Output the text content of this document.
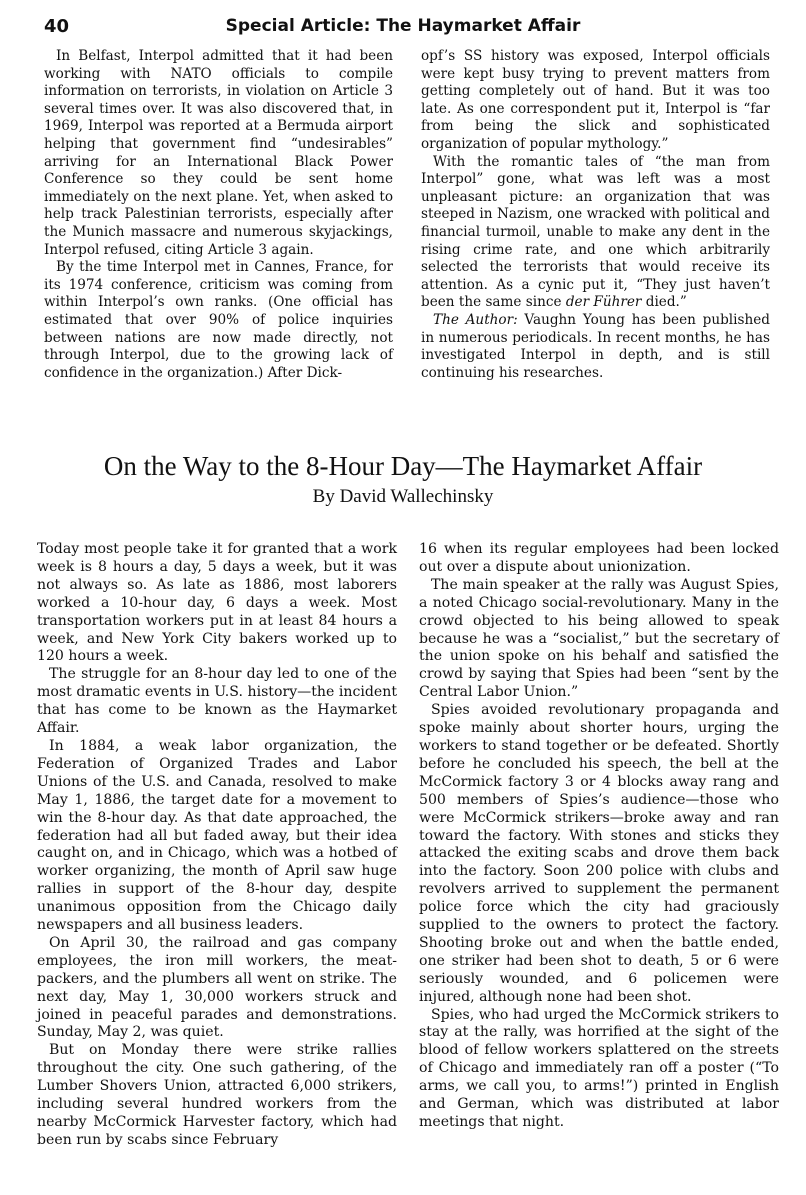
40	Special Article: The Haymarket Affair

In Belfast, Interpol admitted that it had been working with NATO officials to compile information on terrorists, in violation on Article 3 several times over. It was also discovered that, in 1969, Interpol was reported at a Bermuda airport helping that government find “undesirables” arriving for an International Black Power Conference so they could be sent home immediately on the next plane. Yet, when asked to help track Palestinian terrorists, especially after the Munich massacre and numerous skyjackings, Interpol refused, citing Article 3 again.

By the time Interpol met in Cannes, France, for its 1974 conference, criticism was coming from within Interpol’s own ranks. (One official has estimated that over 90% of police inquiries between nations are now made directly, not through Interpol, due to the growing lack of confidence in the organization.) After Dick-

opf’s SS history was exposed, Interpol officials were kept busy trying to prevent matters from getting completely out of hand. But it was too late. As one correspondent put it, Interpol is “far from being the slick and sophisticated organization of popular mythology.”

With the romantic tales of “the man from Interpol” gone, what was left was a most unpleasant picture: an organization that was steeped in Nazism, one wracked with political and financial turmoil, unable to make any dent in the rising crime rate, and one which arbitrarily selected the terrorists that would receive its attention. As a cynic put it, “They just haven’t been the same since der Führer died.”

The Author: Vaughn Young has been published in numerous periodicals. In recent months, he has investigated Interpol in depth, and is still continuing his researches.

On the Way to the 8-Hour Day—The Haymarket Affair
By David Wallechinsky

Today most people take it for granted that a work week is 8 hours a day, 5 days a week, but it was not always so. As late as 1886, most laborers worked a 10-hour day, 6 days a week. Most transportation workers put in at least 84 hours a week, and New York City bakers worked up to 120 hours a week.

The struggle for an 8-hour day led to one of the most dramatic events in U.S. history—the incident that has come to be known as the Haymarket Affair.

In 1884, a weak labor organization, the Federation of Organized Trades and Labor Unions of the U.S. and Canada, resolved to make May 1, 1886, the target date for a movement to win the 8-hour day. As that date approached, the federation had all but faded away, but their idea caught on, and in Chicago, which was a hotbed of worker organizing, the month of April saw huge rallies in support of the 8-hour day, despite unanimous opposition from the Chicago daily newspapers and all business leaders.

On April 30, the railroad and gas company employees, the iron mill workers, the meat-packers, and the plumbers all went on strike. The next day, May 1, 30,000 workers struck and joined in peaceful parades and demonstrations. Sunday, May 2, was quiet.

But on Monday there were strike rallies throughout the city. One such gathering, of the Lumber Shovers Union, attracted 6,000 strikers, including several hundred workers from the nearby McCormick Harvester factory, which had been run by scabs since February

16 when its regular employees had been locked out over a dispute about unionization.

The main speaker at the rally was August Spies, a noted Chicago social-revolutionary. Many in the crowd objected to his being allowed to speak because he was a “socialist,” but the secretary of the union spoke on his behalf and satisfied the crowd by saying that Spies had been “sent by the Central Labor Union.”

Spies avoided revolutionary propaganda and spoke mainly about shorter hours, urging the workers to stand together or be defeated. Shortly before he concluded his speech, the bell at the McCormick factory 3 or 4 blocks away rang and 500 members of Spies’s audience—those who were McCormick strikers—broke away and ran toward the factory. With stones and sticks they attacked the exiting scabs and drove them back into the factory. Soon 200 police with clubs and revolvers arrived to supplement the permanent police force which the city had graciously supplied to the owners to protect the factory. Shooting broke out and when the battle ended, one striker had been shot to death, 5 or 6 were seriously wounded, and 6 policemen were injured, although none had been shot.

Spies, who had urged the McCormick strikers to stay at the rally, was horrified at the sight of the blood of fellow workers splattered on the streets of Chicago and immediately ran off a poster (“To arms, we call you, to arms!”) printed in English and German, which was distributed at labor meetings that night.
